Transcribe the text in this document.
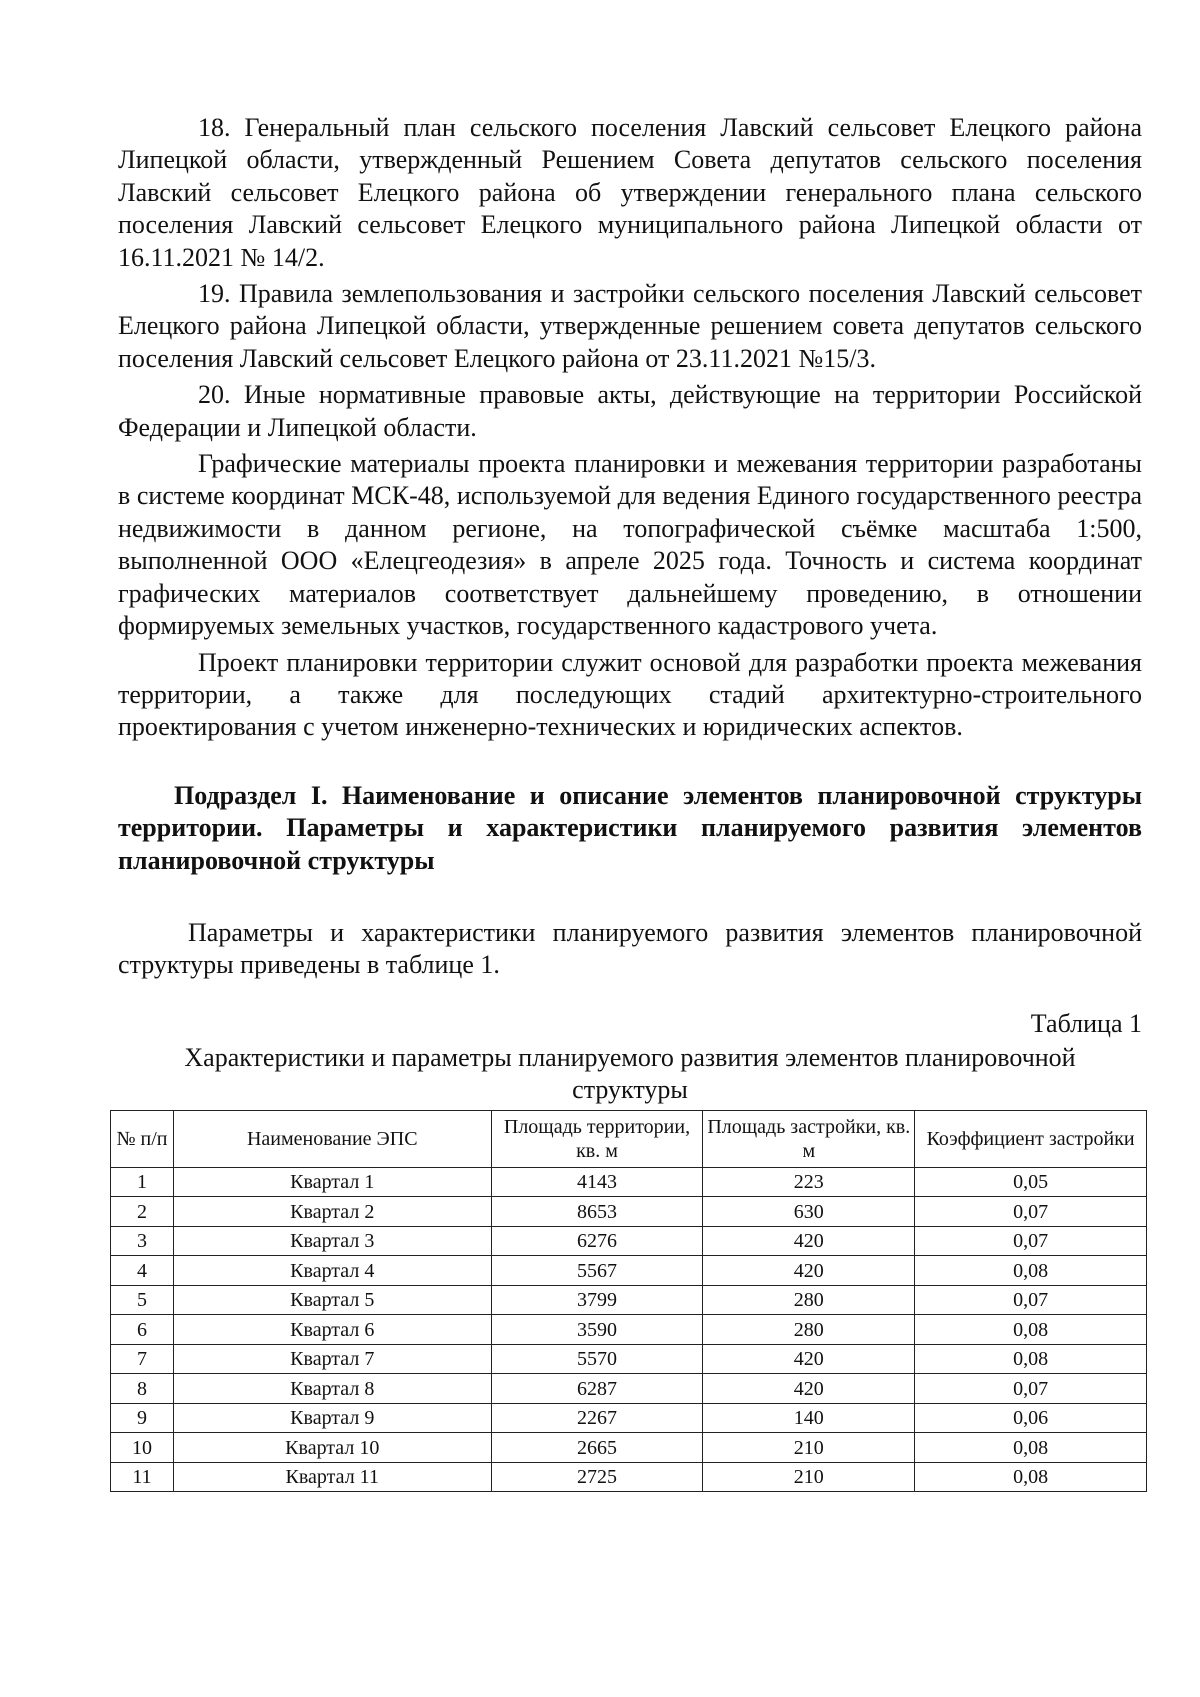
18. Генеральный план сельского поселения Лавский сельсовет Елецкого района Липецкой области, утвержденный Решением Совета депутатов сельского поселения Лавский сельсовет Елецкого района об утверждении генерального плана сельского поселения Лавский сельсовет Елецкого муниципального района Липецкой области от 16.11.2021 № 14/2.

19. Правила землепользования и застройки сельского поселения Лавский сельсовет Елецкого района Липецкой области, утвержденные решением совета депутатов сельского поселения Лавский сельсовет Елецкого района от 23.11.2021 №15/3.

20. Иные нормативные правовые акты, действующие на территории Российской Федерации и Липецкой области.

Графические материалы проекта планировки и межевания территории разработаны в системе координат МСК-48, используемой для ведения Единого государственного реестра недвижимости в данном регионе, на топографической съёмке масштаба 1:500, выполненной ООО «Елецгеодезия» в апреле 2025 года. Точность и система координат графических материалов соответствует дальнейшему проведению, в отношении формируемых земельных участков, государственного кадастрового учета.

Проект планировки территории служит основой для разработки проекта межевания территории, а также для последующих стадий архитектурно-строительного проектирования с учетом инженерно-технических и юридических аспектов.

Подраздел I. Наименование и описание элементов планировочной структуры территории. Параметры и характеристики планируемого развития элементов планировочной структуры

Параметры и характеристики планируемого развития элементов планировочной структуры приведены в таблице 1.

Таблица 1
Характеристики и параметры планируемого развития элементов планировочной структуры
№ п/п	Наименование ЭПС	Площадь территории, кв. м	Площадь застройки, кв. м	Коэффициент застройки
1	Квартал 1	4143	223	0,05
2	Квартал 2	8653	630	0,07
3	Квартал 3	6276	420	0,07
4	Квартал 4	5567	420	0,08
5	Квартал 5	3799	280	0,07
6	Квартал 6	3590	280	0,08
7	Квартал 7	5570	420	0,08
8	Квартал 8	6287	420	0,07
9	Квартал 9	2267	140	0,06
10	Квартал 10	2665	210	0,08
11	Квартал 11	2725	210	0,08
